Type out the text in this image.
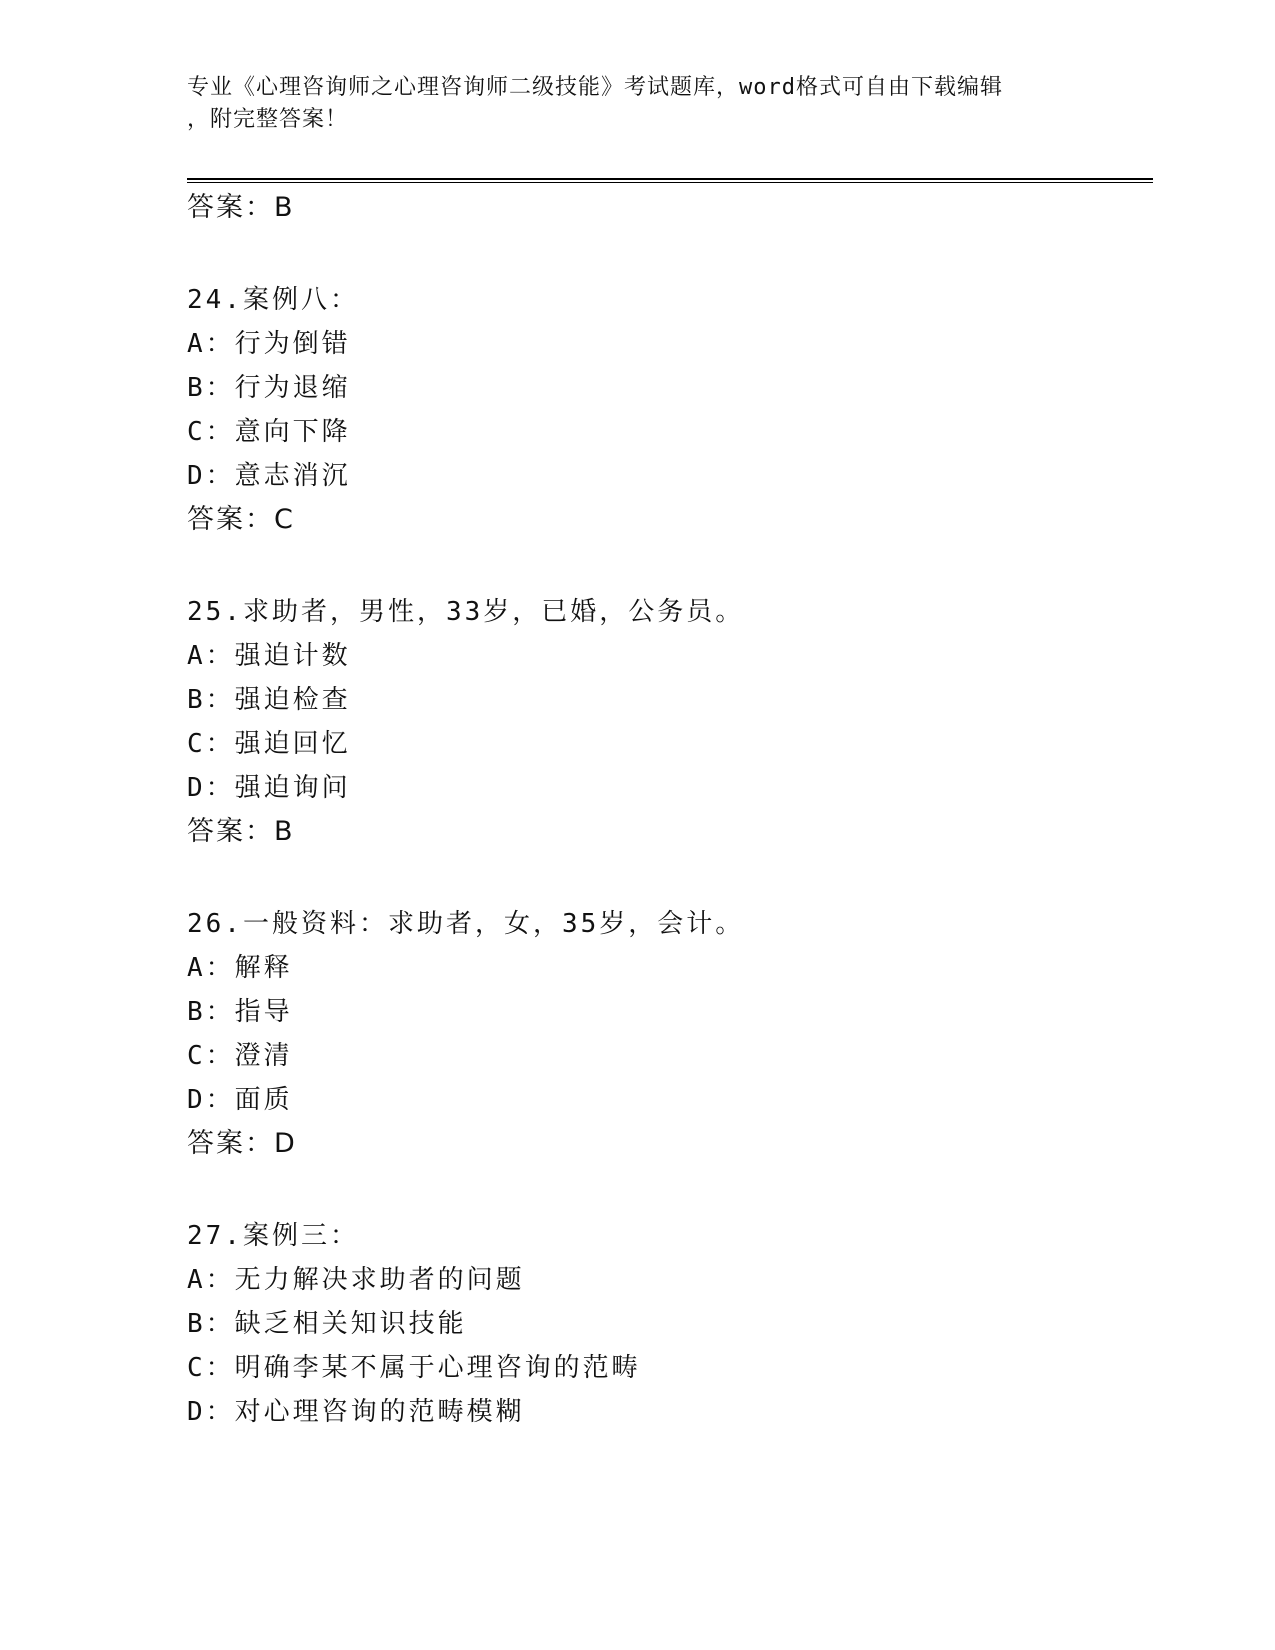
专业《心理咨询师之心理咨询师二级技能》考试题库，word格式可自由下载编辑
，附完整答案！
答案：B
24.案例八：
A：行为倒错
B：行为退缩
C：意向下降
D：意志消沉
答案：C
25.求助者，男性，33岁，已婚，公务员。
A：强迫计数
B：强迫检查
C：强迫回忆
D：强迫询问
答案：B
26.一般资料：求助者，女，35岁，会计。
A：解释
B：指导
C：澄清
D：面质
答案：D
27.案例三：
A：无力解决求助者的问题
B：缺乏相关知识技能
C：明确李某不属于心理咨询的范畴
D：对心理咨询的范畴模糊
